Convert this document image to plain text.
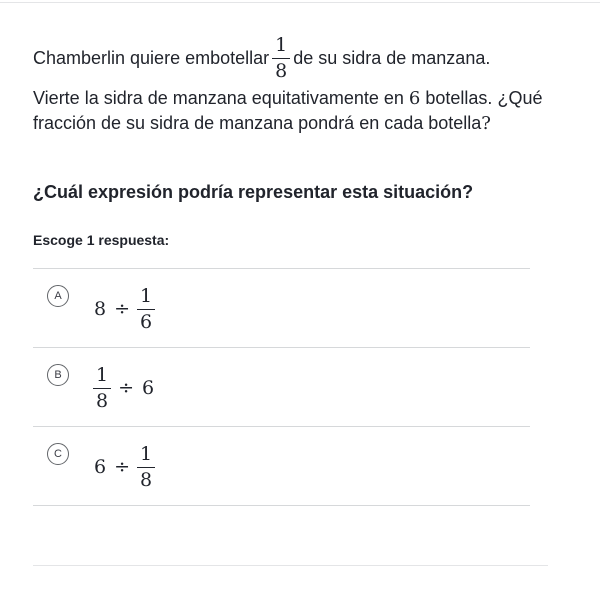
Chamberlin quiere embotellar $\frac{1}{8}$ de su sidra de manzana.
Vierte la sidra de manzana equitativamente en 6 botellas. ¿Qué fracción de su sidra de manzana pondrá en cada botella?
¿Cuál expresión podría representar esta situación?
Escoge 1 respuesta:
A
$8 \div \frac{1}{6}$
B	$\frac{1}{8} \div 6$
C
$6 \div \frac{1}{8}$
